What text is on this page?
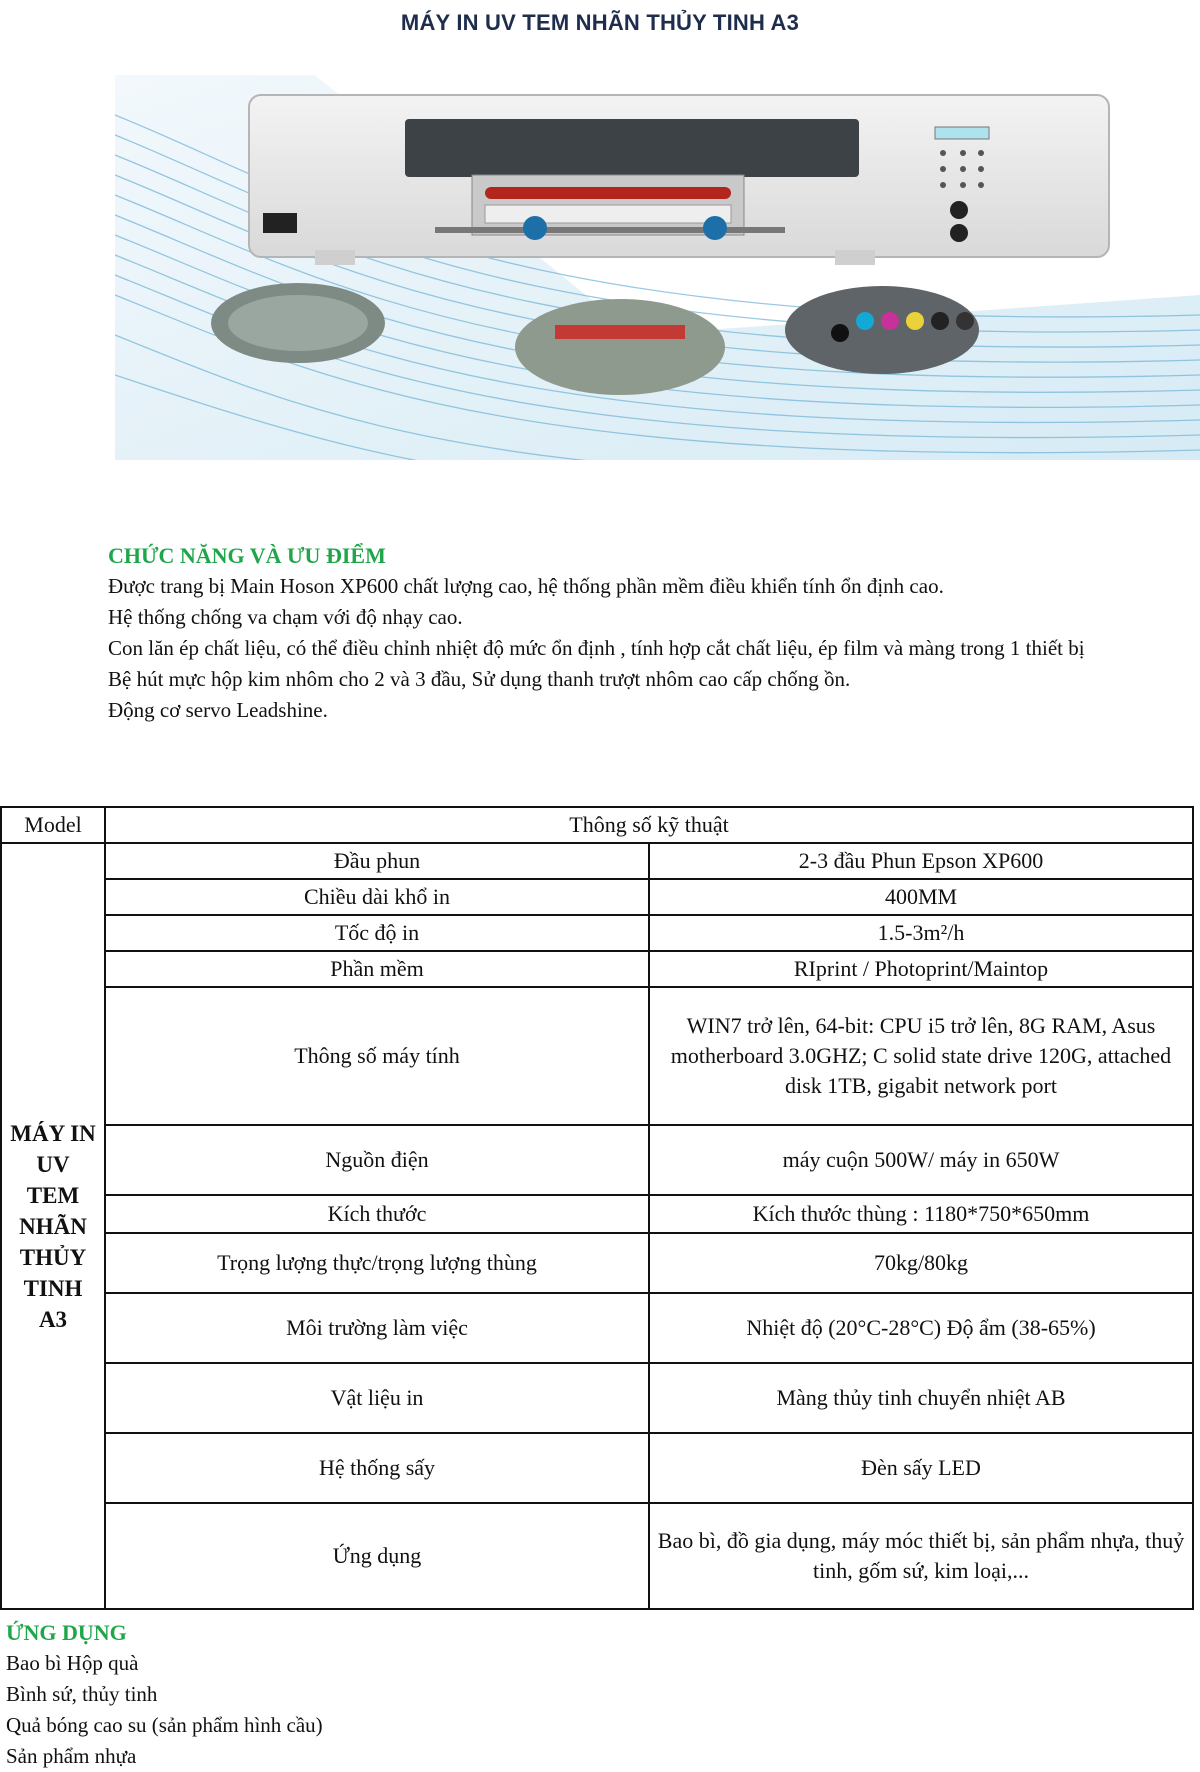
MÁY IN UV TEM NHÃN THỦY TINH A3
CHỨC NĂNG VÀ ƯU ĐIỂM
Được trang bị Main Hoson XP600 chất lượng cao, hệ thống phần mềm điều khiển tính ổn định cao.
Hệ thống chống va chạm với độ nhạy cao.
Con lăn ép chất liệu, có thể điều chỉnh nhiệt độ mức ổn định , tính hợp cắt chất liệu, ép film và màng trong 1 thiết bị
Bệ hút mực hộp kim nhôm cho 2 và 3 đầu, Sử dụng thanh trượt nhôm cao cấp chống ồn.
Động cơ servo Leadshine.
Model	Thông số kỹ thuật	
MÁY IN UV TEM NHÃN THỦY TINH A3	Đầu phun	2-3 đầu Phun Epson XP600
	Chiều dài khổ in	400MM
	Tốc độ in	1.5-3m²/h
	Phần mềm	RIprint / Photoprint/Maintop
	Thông số máy tính	WIN7 trở lên, 64-bit: CPU i5 trở lên, 8G RAM, Asus motherboard 3.0GHZ; C solid state drive 120G, attached disk 1TB, gigabit network port
	Nguồn điện	máy cuộn 500W/ máy in 650W
	Kích thước	Kích thước thùng : 1180*750*650mm
	Trọng lượng thực/trọng lượng thùng	70kg/80kg
	Môi trường làm việc	Nhiệt độ (20°C-28°C) Độ ẩm (38-65%)
	Vật liệu in	Màng thủy tinh chuyển nhiệt AB
	Hệ thống sấy	Đèn sấy LED
	Ứng dụng	Bao bì, đồ gia dụng, máy móc thiết bị, sản phẩm nhựa, thuỷ tinh, gốm sứ, kim loại,...
ỨNG DỤNG
Bao bì Hộp quà
Bình sứ, thủy tinh
Quả bóng cao su (sản phẩm hình cầu)
Sản phẩm nhựa
